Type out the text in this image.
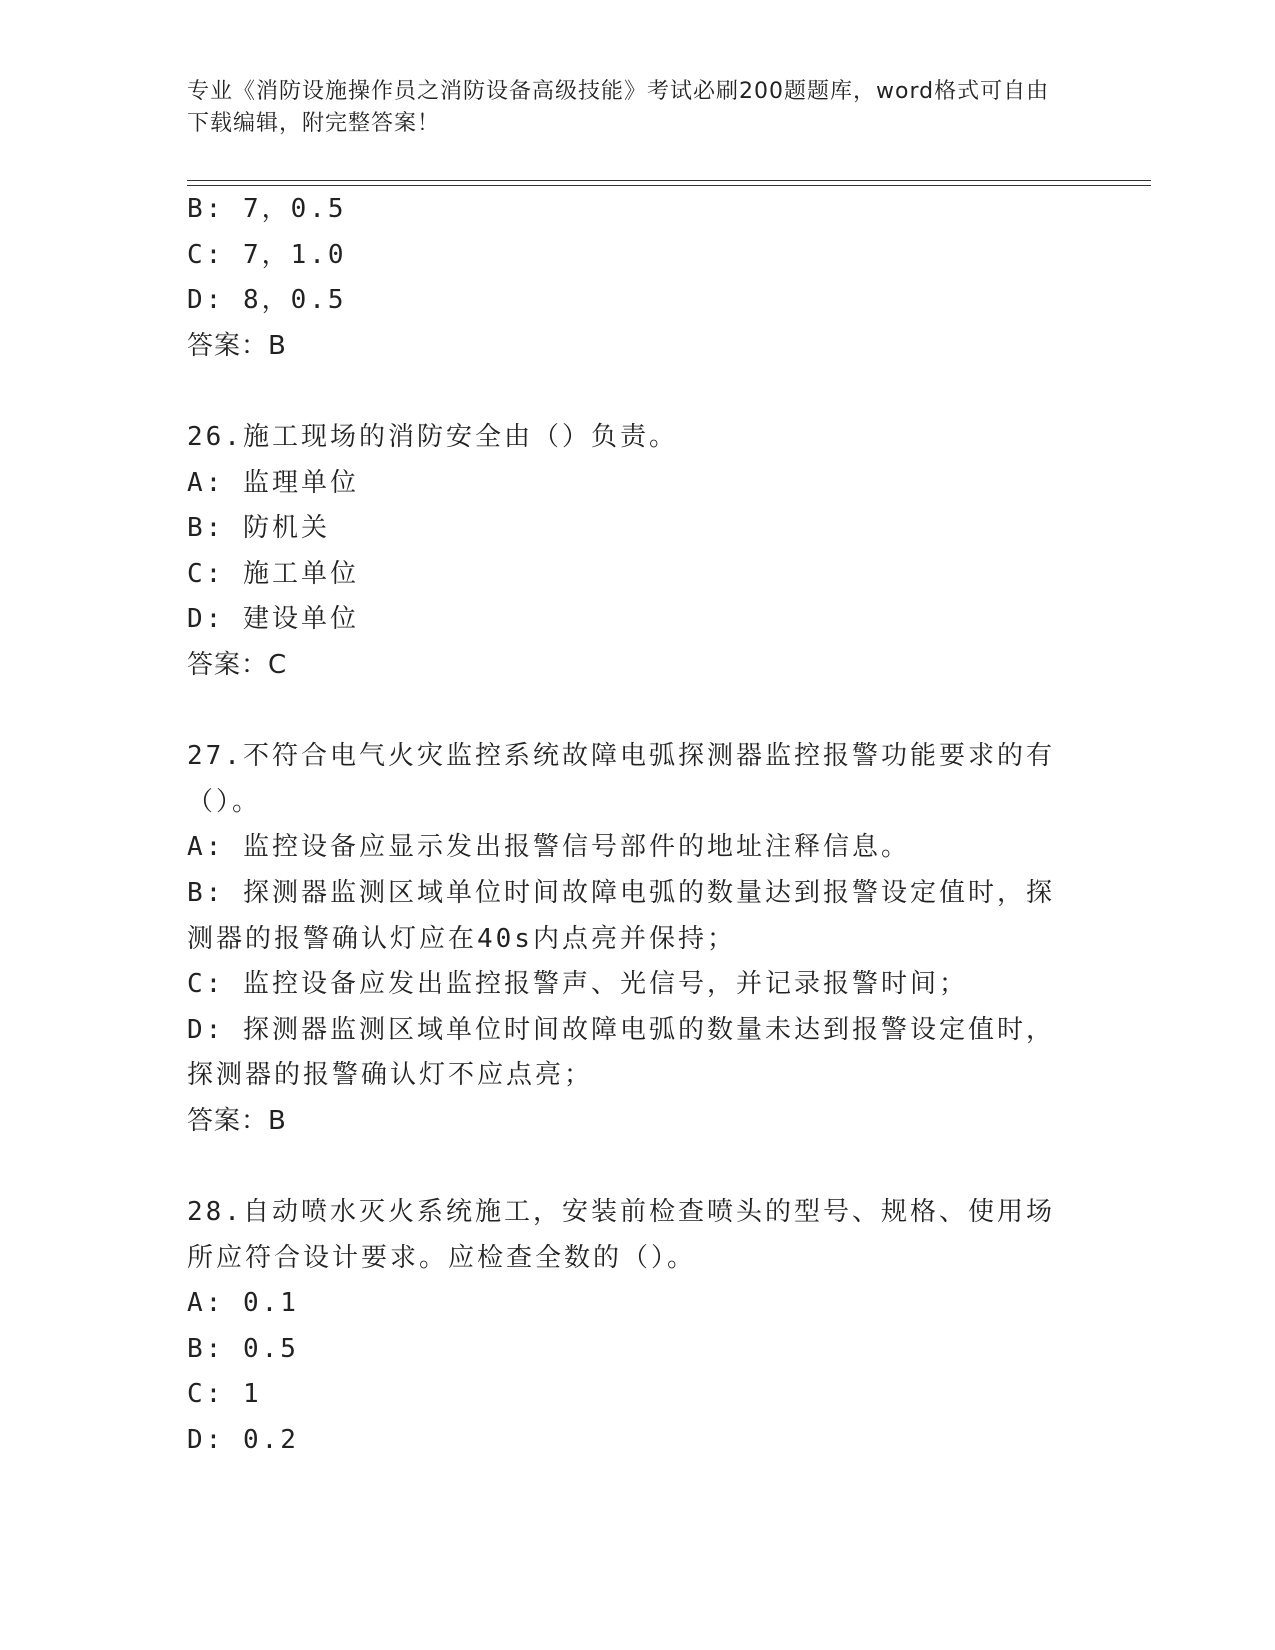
专业《消防设施操作员之消防设备高级技能》考试必刷200题题库，word格式可自由下载编辑，附完整答案！
B: 7，0.5
C: 7，1.0
D: 8，0.5
答案：B
26.施工现场的消防安全由（）负责。
A: 监理单位
B: 防机关
C: 施工单位
D: 建设单位
答案：C
27.不符合电气火灾监控系统故障电弧探测器监控报警功能要求的有（）。
A: 监控设备应显示发出报警信号部件的地址注释信息。
B: 探测器监测区域单位时间故障电弧的数量达到报警设定值时，探测器的报警确认灯应在40s内点亮并保持；
C: 监控设备应发出监控报警声、光信号，并记录报警时间；
D: 探测器监测区域单位时间故障电弧的数量未达到报警设定值时，探测器的报警确认灯不应点亮；
答案：B
28.自动喷水灭火系统施工，安装前检查喷头的型号、规格、使用场所应符合设计要求。应检查全数的（）。
A: 0.1
B: 0.5
C: 1
D: 0.2
